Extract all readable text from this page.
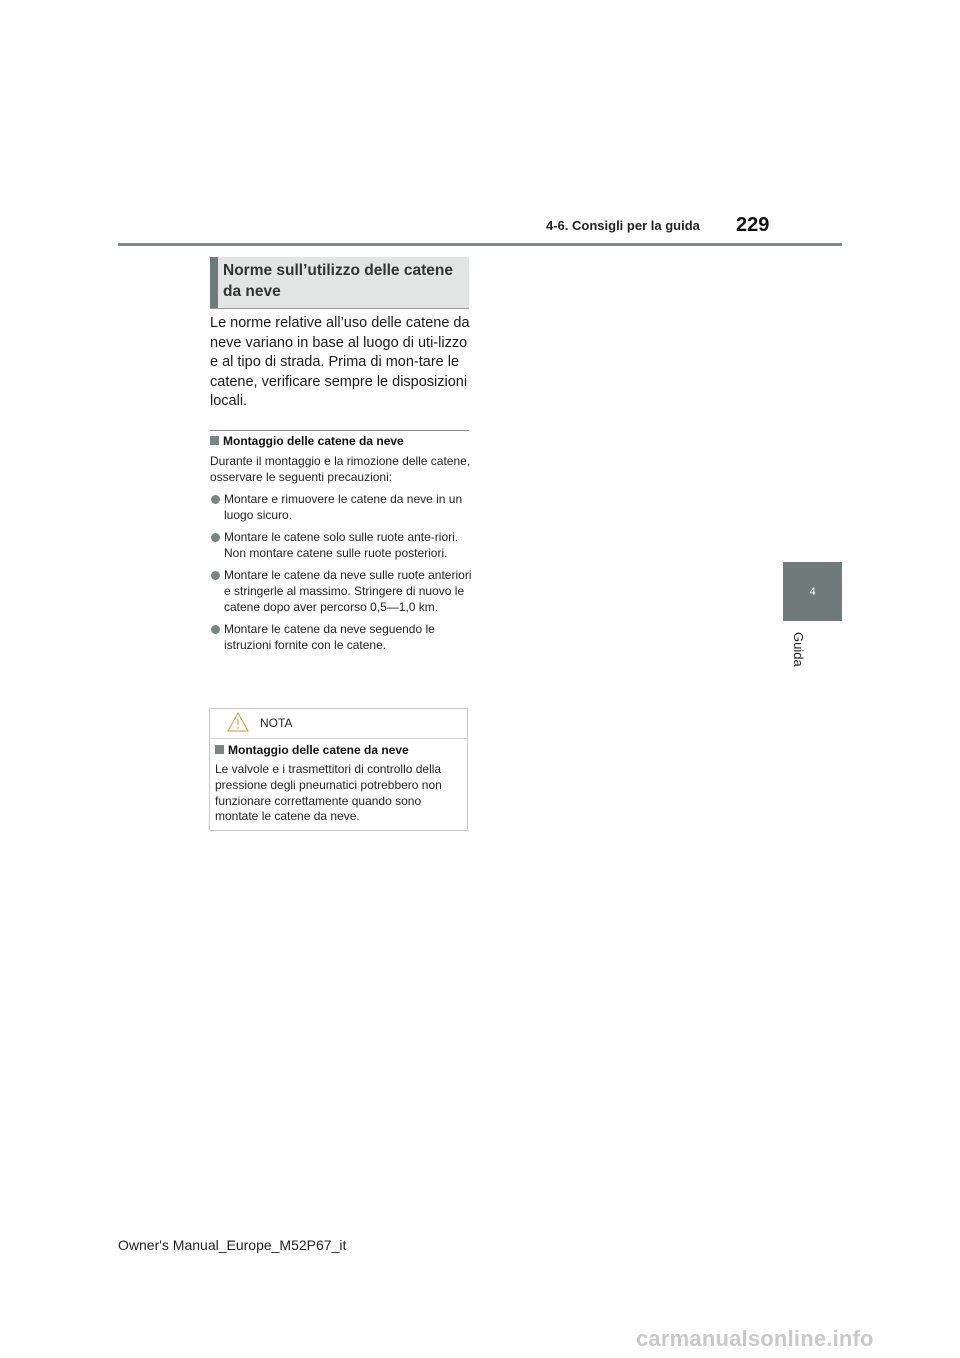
4-6. Consigli per la guida 229
4
Guida
Norme sull’utilizzo delle catene da neve

Le norme relative all’uso delle catene da neve variano in base al luogo di uti-lizzo e al tipo di strada. Prima di mon-tare le catene, verificare sempre le disposizioni locali.

Montaggio delle catene da neve

Durante il montaggio e la rimozione delle catene, osservare le seguenti precauzioni:

Montare e rimuovere le catene da neve in un luogo sicuro.
Montare le catene solo sulle ruote ante-riori. Non montare catene sulle ruote posteriori.
Montare le catene da neve sulle ruote anteriori e stringerle al massimo. Stringere di nuovo le catene dopo aver percorso 0,5—1,0 km.
Montare le catene da neve seguendo le istruzioni fornite con le catene.
NOTA
Montaggio delle catene da neve

Le valvole e i trasmettitori di controllo della pressione degli pneumatici potrebbero non funzionare correttamente quando sono montate le catene da neve.

Owner's Manual_Europe_M52P67_it
carmanualsonline.info
